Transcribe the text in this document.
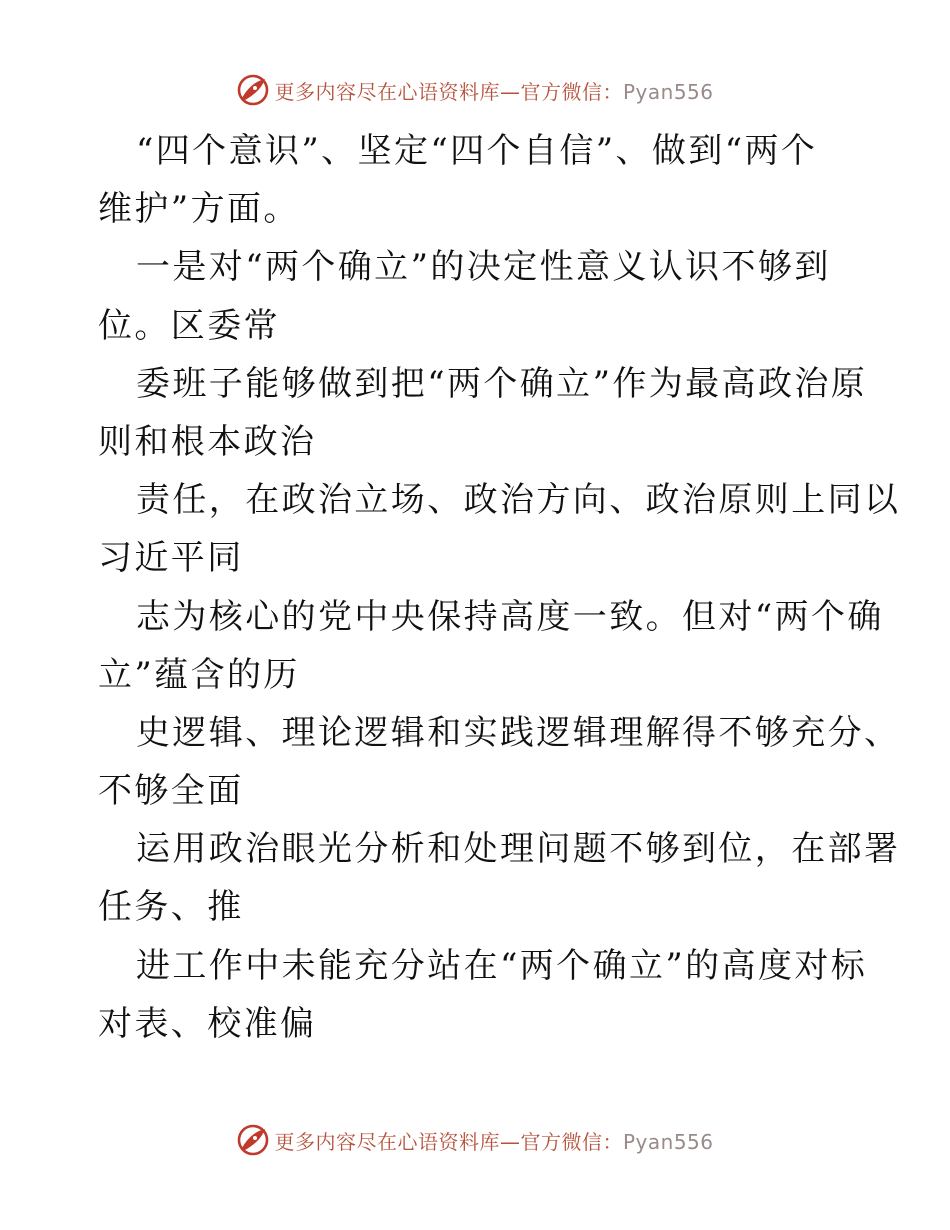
更多内容尽在心语资料库—官方微信：Pyan556
“四个意识”、坚定“四个自信”、做到“两个
维护”方面。
一是对“两个确立”的决定性意义认识不够到
位。区委常
委班子能够做到把“两个确立”作为最高政治原
则和根本政治
责任，在政治立场、政治方向、政治原则上同以
习近平同
志为核心的党中央保持高度一致。但对“两个确
立”蕴含的历
史逻辑、理论逻辑和实践逻辑理解得不够充分、
不够全面
运用政治眼光分析和处理问题不够到位，在部署
任务、推
进工作中未能充分站在“两个确立”的高度对标
对表、校准偏
更多内容尽在心语资料库—官方微信：Pyan556
